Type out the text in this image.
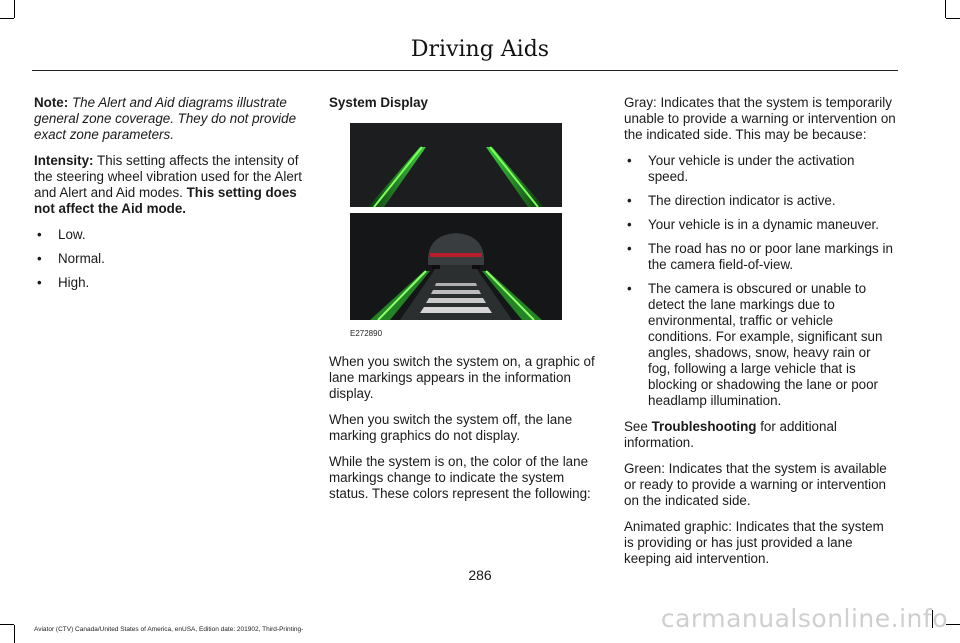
Driving Aids

Note: The Alert and Aid diagrams illustrate general zone coverage. They do not provide exact zone parameters.

Intensity: This setting affects the intensity of the steering wheel vibration used for the Alert and Alert and Aid modes. This setting does not affect the Aid mode.

• Low.
• Normal.
• High.
System Display
E272890

When you switch the system on, a graphic of lane markings appears in the information display.

When you switch the system off, the lane marking graphics do not display.

While the system is on, the color of the lane markings change to indicate the system status. These colors represent the following:

Gray: Indicates that the system is temporarily unable to provide a warning or intervention on the indicated side. This may be because:

• Your vehicle is under the activation speed.
• The direction indicator is active.
• Your vehicle is in a dynamic maneuver.
• The road has no or poor lane markings in the camera field-of-view.
• The camera is obscured or unable to detect the lane markings due to environmental, traffic or vehicle conditions. For example, significant sun angles, shadows, snow, heavy rain or fog, following a large vehicle that is blocking or shadowing the lane or poor headlamp illumination.

See Troubleshooting for additional information.

Green: Indicates that the system is available or ready to provide a warning or intervention on the indicated side.

Animated graphic: Indicates that the system is providing or has just provided a lane keeping aid intervention.

286
Aviator (CTV) Canada/United States of America, enUSA, Edition date: 201902, Third-Printing-	carmanualsonline.info
